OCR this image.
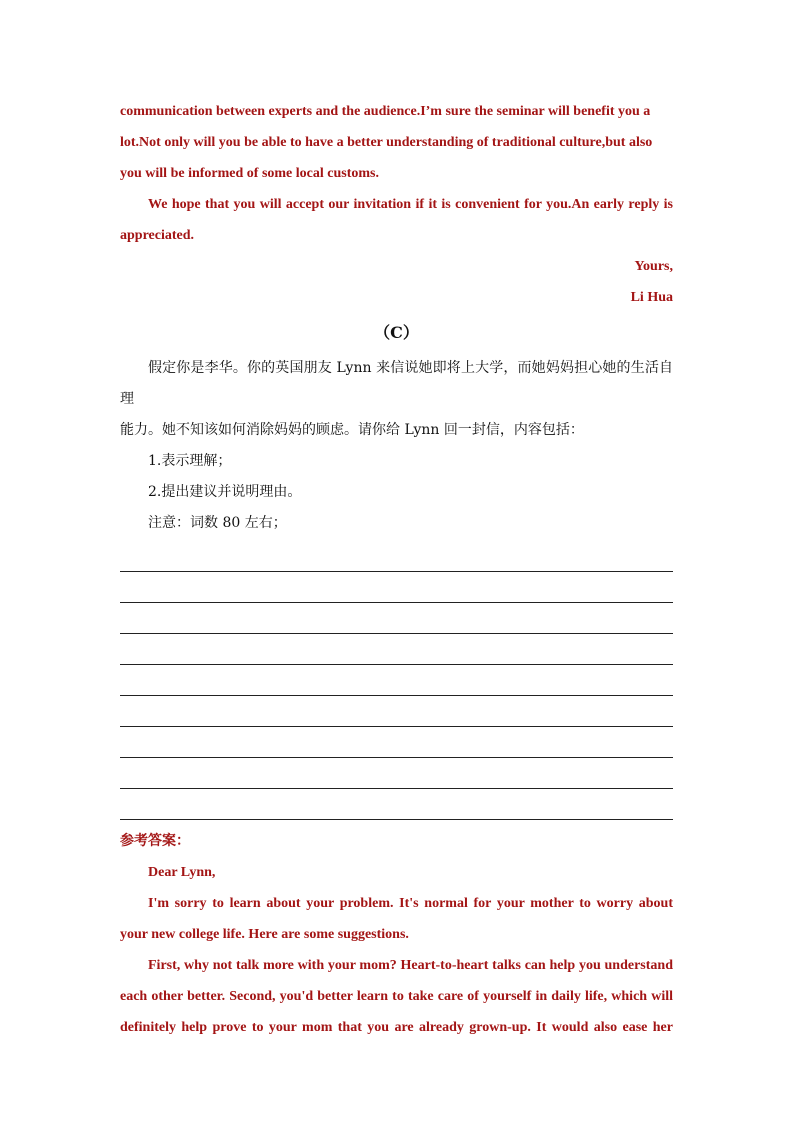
communication between experts and the audience.I’m sure the seminar will benefit you a
lot.Not only will you be able to have a better understanding of traditional culture,but also
you will be informed of some local customs.
We hope that you will accept our invitation if it is convenient for you.An early reply is
appreciated.
Yours,
Li Hua
（C）
假定你是李华。你的英国朋友 Lynn 来信说她即将上大学，而她妈妈担心她的生活自理
能力。她不知该如何消除妈妈的顾虑。请你给 Lynn 回一封信，内容包括：
1.表示理解；
2.提出建议并说明理由。
注意：词数 80 左右；
参考答案：
Dear Lynn,
I'm sorry to learn about your problem. It's normal for your mother to worry about
your new college life. Here are some suggestions.
First, why not talk more with your mom? Heart-to-heart talks can help you understand
each other better. Second, you'd better learn to take care of yourself in daily life, which will
definitely help prove to your mom that you are already grown-up. It would also ease her
